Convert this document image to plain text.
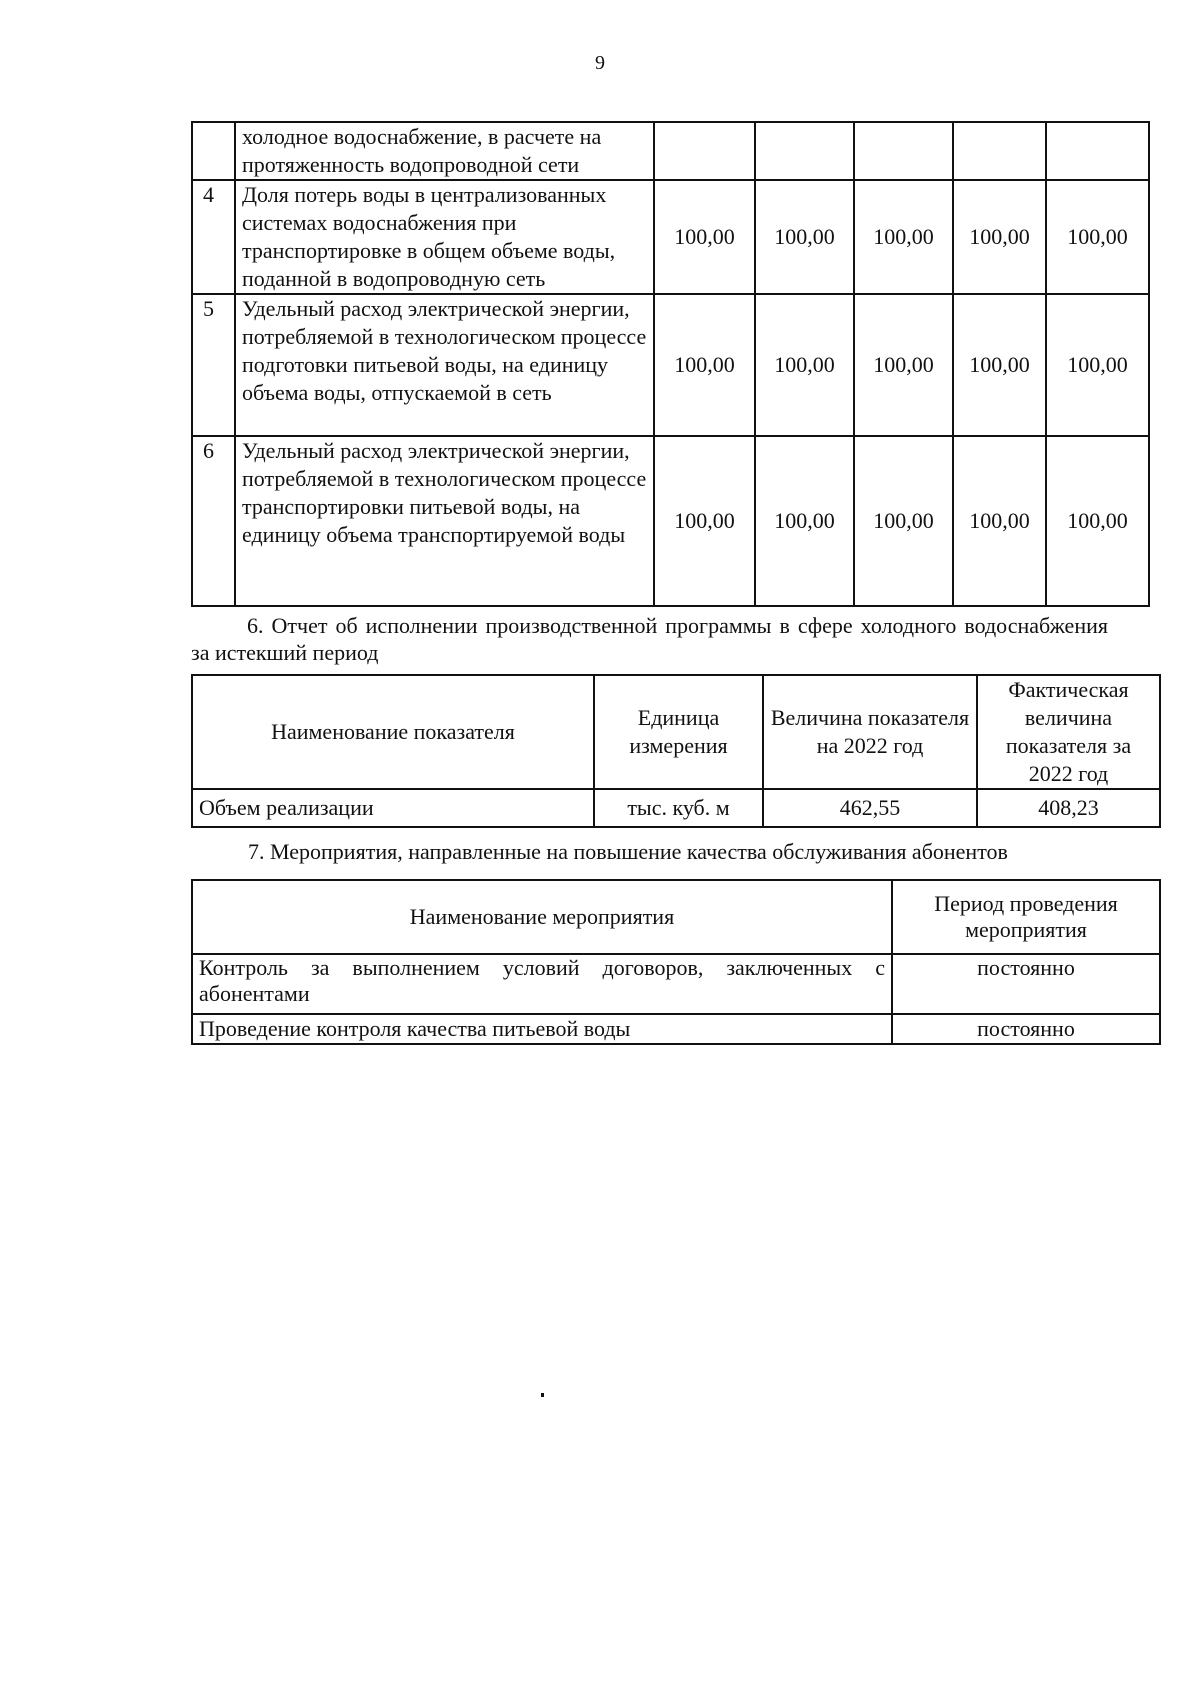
9
	холодное водоснабжение, в расчете на протяженность водопроводной сети					
4	Доля потерь воды в централизованных системах водоснабжения при транспортировке в общем объеме воды, поданной в водопроводную сеть	100,00	100,00	100,00	100,00	100,00
5	Удельный расход электрической энергии, потребляемой в технологическом процессе подготовки питьевой воды, на единицу объема воды, отпускаемой в сеть	100,00	100,00	100,00	100,00	100,00
6	Удельный расход электрической энергии, потребляемой в технологическом процессе транспортировки питьевой воды, на единицу объема транспортируемой воды	100,00	100,00	100,00	100,00	100,00
6. Отчет об исполнении производственной программы в сфере холодного водоснабжения за истекший период
Наименование показателя	Единица измерения	Величина показателя на 2022 год	Фактическая величина показателя за 2022 год
Объем реализации	тыс. куб. м	462,55	408,23
7. Мероприятия, направленные на повышение качества обслуживания абонентов
Наименование мероприятия	Период проведения мероприятия
Контроль за выполнением условий договоров, заключенных с абонентами	постоянно
Проведение контроля качества питьевой воды	постоянно
